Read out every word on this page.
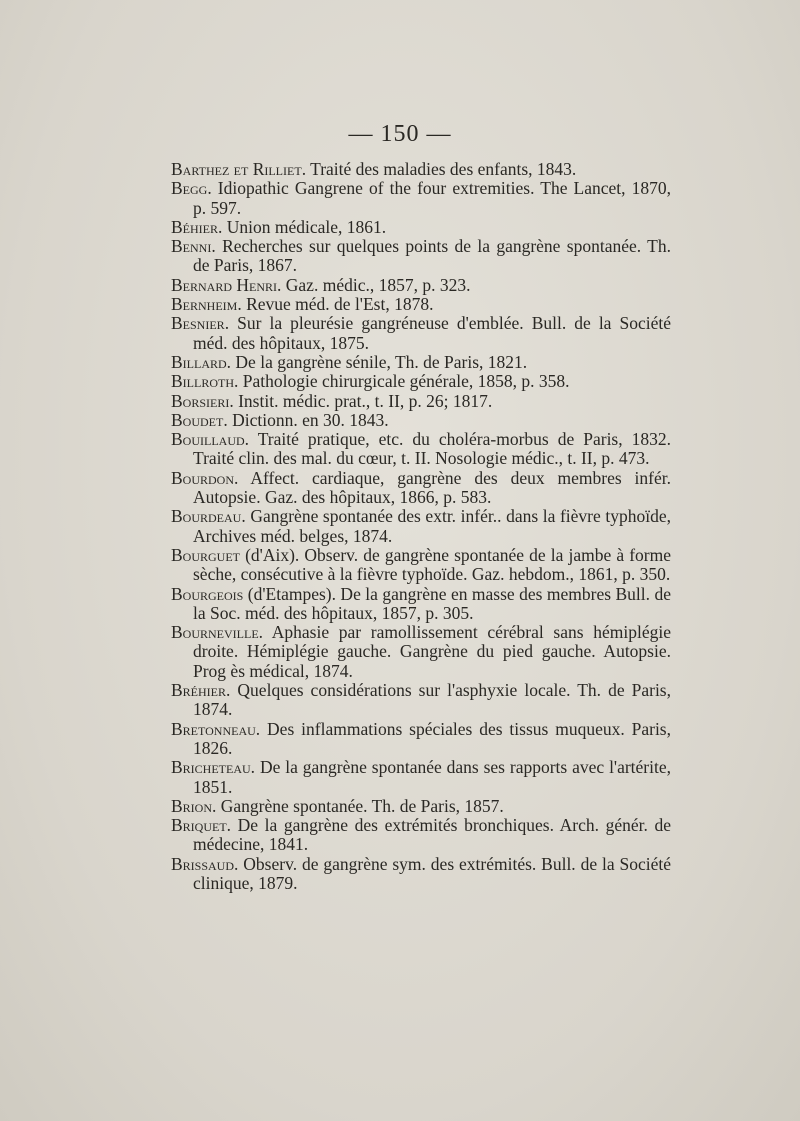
— 150 —
Barthez et Rilliet. Traité des maladies des enfants, 1843.
Begg. Idiopathic Gangrene of the four extremities. The Lancet, 1870, p. 597.
Béhier. Union médicale, 1861.
Benni. Recherches sur quelques points de la gangrène spontanée. Th. de Paris, 1867.
Bernard Henri. Gaz. médic., 1857, p. 323.
Bernheim. Revue méd. de l'Est, 1878.
Besnier. Sur la pleurésie gangréneuse d'emblée. Bull. de la Société méd. des hôpitaux, 1875.
Billard. De la gangrène sénile, Th. de Paris, 1821.
Billroth. Pathologie chirurgicale générale, 1858, p. 358.
Borsieri. Instit. médic. prat., t. II, p. 26; 1817.
Boudet. Dictionn. en 30. 1843.
Bouillaud. Traité pratique, etc. du choléra-morbus de Paris, 1832. Traité clin. des mal. du cœur, t. II. Nosologie médic., t. II, p. 473.
Bourdon. Affect. cardiaque, gangrène des deux membres infér. Autopsie. Gaz. des hôpitaux, 1866, p. 583.
Bourdeau. Gangrène spontanée des extr. infér.. dans la fièvre typhoïde, Archives méd. belges, 1874.
Bourguet (d'Aix). Observ. de gangrène spontanée de la jambe à forme sèche, consécutive à la fièvre typhoïde. Gaz. hebdom., 1861, p. 350.
Bourgeois (d'Etampes). De la gangrène en masse des membres Bull. de la Soc. méd. des hôpitaux, 1857, p. 305.
Bourneville. Aphasie par ramollissement cérébral sans hémiplégie droite. Hémiplégie gauche. Gangrène du pied gauche. Autopsie. Prog ès médical, 1874.
Bréhier. Quelques considérations sur l'asphyxie locale. Th. de Paris, 1874.
Bretonneau. Des inflammations spéciales des tissus muqueux. Paris, 1826.
Bricheteau. De la gangrène spontanée dans ses rapports avec l'artérite, 1851.
Brion. Gangrène spontanée. Th. de Paris, 1857.
Briquet. De la gangrène des extrémités bronchiques. Arch. génér. de médecine, 1841.
Brissaud. Observ. de gangrène sym. des extrémités. Bull. de la Société clinique, 1879.
